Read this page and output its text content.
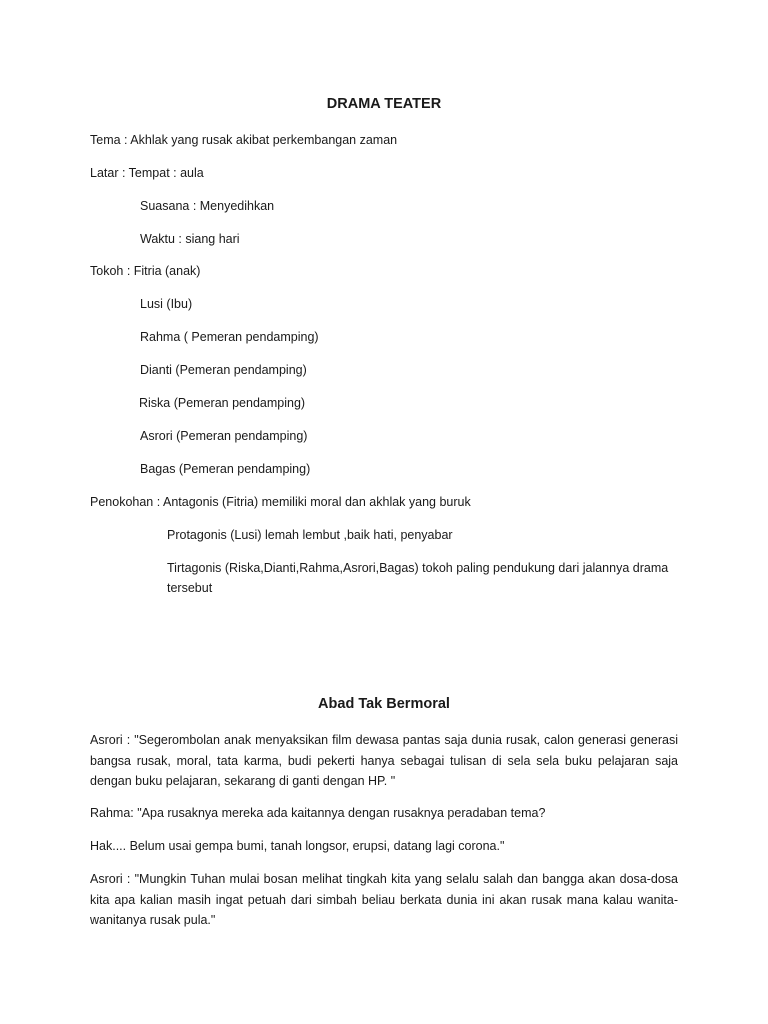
DRAMA TEATER
Tema : Akhlak yang rusak akibat perkembangan zaman
Latar : Tempat : aula
Suasana : Menyedihkan
Waktu : siang hari
Tokoh : Fitria (anak)
Lusi (Ibu)
Rahma ( Pemeran pendamping)
Dianti (Pemeran pendamping)
Riska (Pemeran pendamping)
Asrori (Pemeran pendamping)
Bagas (Pemeran pendamping)
Penokohan : Antagonis (Fitria) memiliki moral dan akhlak yang buruk
Protagonis (Lusi) lemah lembut ,baik hati, penyabar
Tirtagonis (Riska,Dianti,Rahma,Asrori,Bagas) tokoh paling pendukung dari jalannya drama
tersebut
Abad Tak Bermoral
Asrori : "Segerombolan anak menyaksikan film dewasa pantas saja dunia rusak, calon generasi generasi bangsa rusak, moral, tata karma, budi pekerti hanya sebagai tulisan di sela sela buku pelajaran saja dengan buku pelajaran, sekarang di ganti dengan HP. "
Rahma: "Apa rusaknya mereka ada kaitannya dengan rusaknya peradaban tema?
Hak.... Belum usai gempa bumi, tanah longsor, erupsi, datang lagi corona."
Asrori : "Mungkin Tuhan mulai bosan melihat tingkah kita yang selalu salah dan bangga akan dosa-dosa kita apa kalian masih ingat petuah dari simbah beliau berkata dunia ini akan rusak mana kalau wanita-wanitanya rusak pula."
